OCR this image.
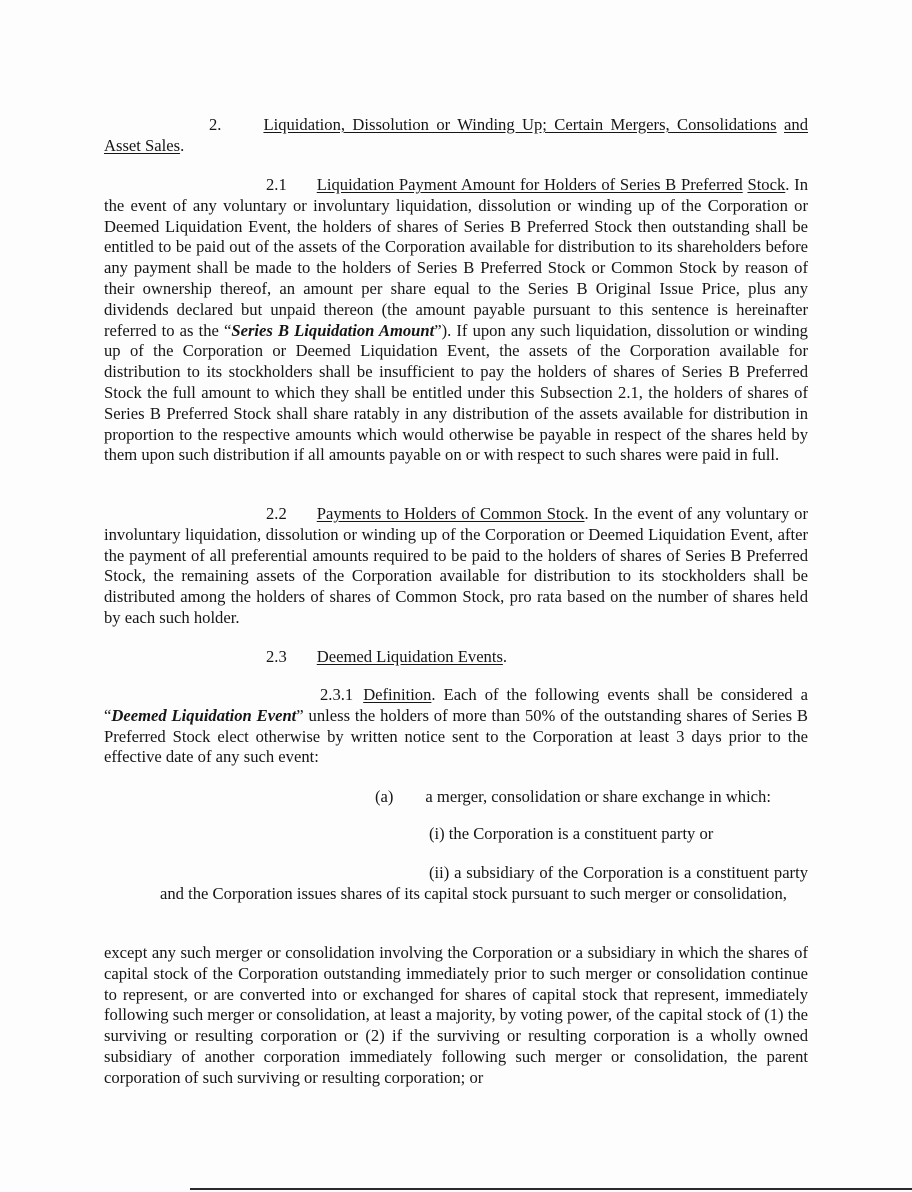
2.	Liquidation, Dissolution or Winding Up; Certain Mergers, Consolidations and Asset Sales.

2.1 Liquidation Payment Amount for Holders of Series B Preferred Stock. In the event of any voluntary or involuntary liquidation, dissolution or winding up of the Corporation or Deemed Liquidation Event, the holders of shares of Series B Preferred Stock then outstanding shall be entitled to be paid out of the assets of the Corporation available for distribution to its shareholders before any payment shall be made to the holders of Series B Preferred Stock or Common Stock by reason of their ownership thereof, an amount per share equal to the Series B Original Issue Price, plus any dividends declared but unpaid thereon (the amount payable pursuant to this sentence is hereinafter referred to as the “Series B Liquidation Amount”). If upon any such liquidation, dissolution or winding up of the Corporation or Deemed Liquidation Event, the assets of the Corporation available for distribution to its stockholders shall be insufficient to pay the holders of shares of Series B Preferred Stock the full amount to which they shall be entitled under this Subsection 2.1, the holders of shares of Series B Preferred Stock shall share ratably in any distribution of the assets available for distribution in proportion to the respective amounts which would otherwise be payable in respect of the shares held by them upon such distribution if all amounts payable on or with respect to such shares were paid in full.

2.2 Payments to Holders of Common Stock. In the event of any voluntary or involuntary liquidation, dissolution or winding up of the Corporation or Deemed Liquidation Event, after the payment of all preferential amounts required to be paid to the holders of shares of Series B Preferred Stock, the remaining assets of the Corporation available for distribution to its stockholders shall be distributed among the holders of shares of Common Stock, pro rata based on the number of shares held by each such holder.

2.3 Deemed Liquidation Events.

2.3.1 Definition. Each of the following events shall be considered a “Deemed Liquidation Event” unless the holders of more than 50% of the outstanding shares of Series B Preferred Stock elect otherwise by written notice sent to the Corporation at least 3 days prior to the effective date of any such event:

(a) a merger, consolidation or share exchange in which:

(i) the Corporation is a constituent party or

(ii) a subsidiary of the Corporation is a constituent party and the Corporation issues shares of its capital stock pursuant to such merger or consolidation,

except any such merger or consolidation involving the Corporation or a subsidiary in which the shares of capital stock of the Corporation outstanding immediately prior to such merger or consolidation continue to represent, or are converted into or exchanged for shares of capital stock that represent, immediately following such merger or consolidation, at least a majority, by voting power, of the capital stock of (1) the surviving or resulting corporation or (2) if the surviving or resulting corporation is a wholly owned subsidiary of another corporation immediately following such merger or consolidation, the parent corporation of such surviving or resulting corporation; or
